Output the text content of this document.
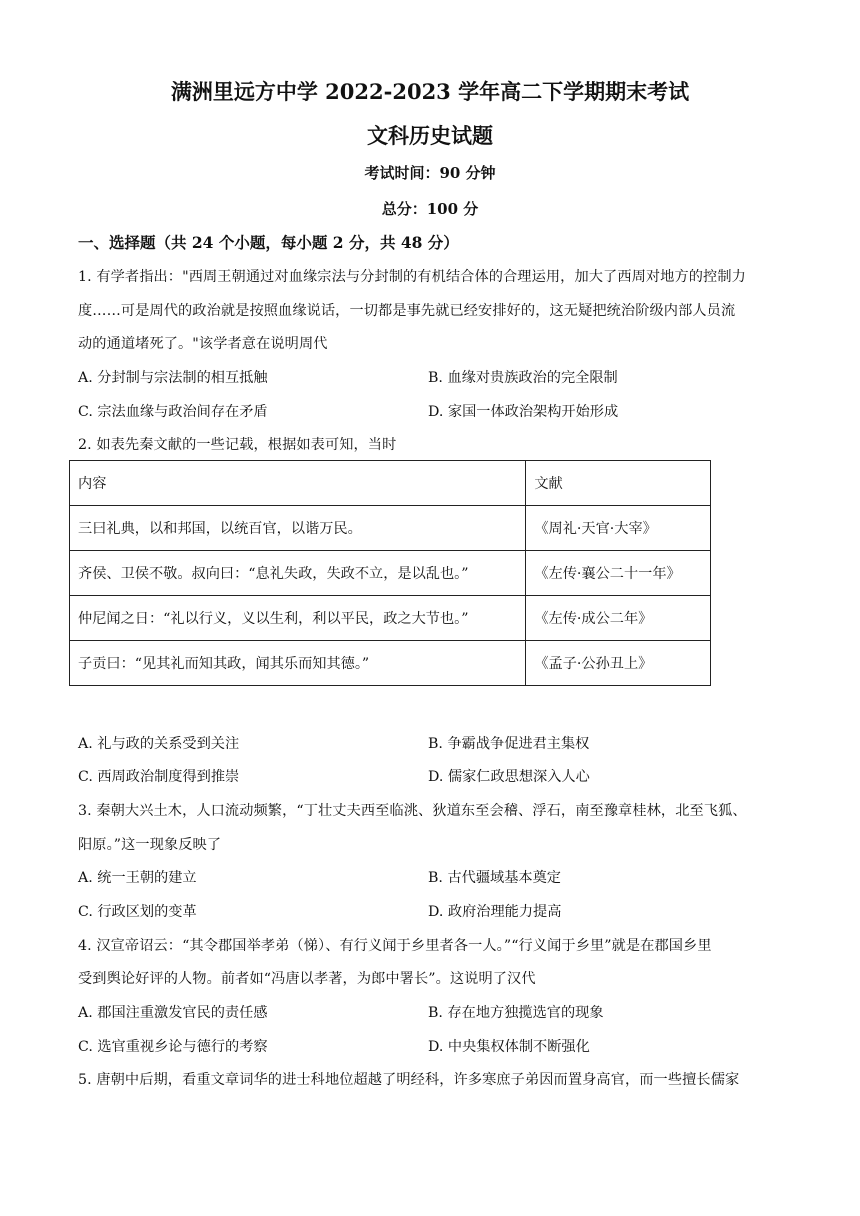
满洲里远方中学 2022-2023 学年高二下学期期末考试
文科历史试题
考试时间：90 分钟
总分：100 分
一、选择题（共 24 个小题，每小题 2 分，共 48 分）
1. 有学者指出："西周王朝通过对血缘宗法与分封制的有机结合体的合理运用，加大了西周对地方的控制力
度……可是周代的政治就是按照血缘说话，一切都是事先就已经安排好的，这无疑把统治阶级内部人员流
动的通道堵死了。"该学者意在说明周代
A. 分封制与宗法制的相互抵触	B. 血缘对贵族政治的完全限制
C. 宗法血缘与政治间存在矛盾	D. 家国一体政治架构开始形成
2. 如表先秦文献的一些记载，根据如表可知，当时
内容	文献
三曰礼典，以和邦国，以统百官，以谐万民。	《周礼·天官·大宰》
齐侯、卫侯不敬。叔向曰：“息礼失政，失政不立，是以乱也。”	《左传·襄公二十一年》
仲尼闻之日：“礼以行义，义以生利，利以平民，政之大节也。”	《左传·成公二年》
子贡曰：“见其礼而知其政，闻其乐而知其德。”	《孟子·公孙丑上》
A. 礼与政的关系受到关注	B. 争霸战争促进君主集权
C. 西周政治制度得到推崇	D. 儒家仁政思想深入人心
3. 秦朝大兴土木，人口流动频繁，“丁壮丈夫西至临洮、狄道东至会稽、浮石，南至豫章桂林，北至飞狐、
阳原。”这一现象反映了
A. 统一王朝的建立	B. 古代疆域基本奠定
C. 行政区划的变革	D. 政府治理能力提高
4. 汉宣帝诏云：“其令郡国举孝弟（悌）、有行义闻于乡里者各一人。”“行义闻于乡里”就是在郡国乡里
受到舆论好评的人物。前者如“冯唐以孝著，为郎中署长”。这说明了汉代
A. 郡国注重激发官民的责任感	B. 存在地方独揽选官的现象
C. 选官重视乡论与德行的考察	D. 中央集权体制不断强化
5. 唐朝中后期，看重文章词华的进士科地位超越了明经科，许多寒庶子弟因而置身高官，而一些擅长儒家
